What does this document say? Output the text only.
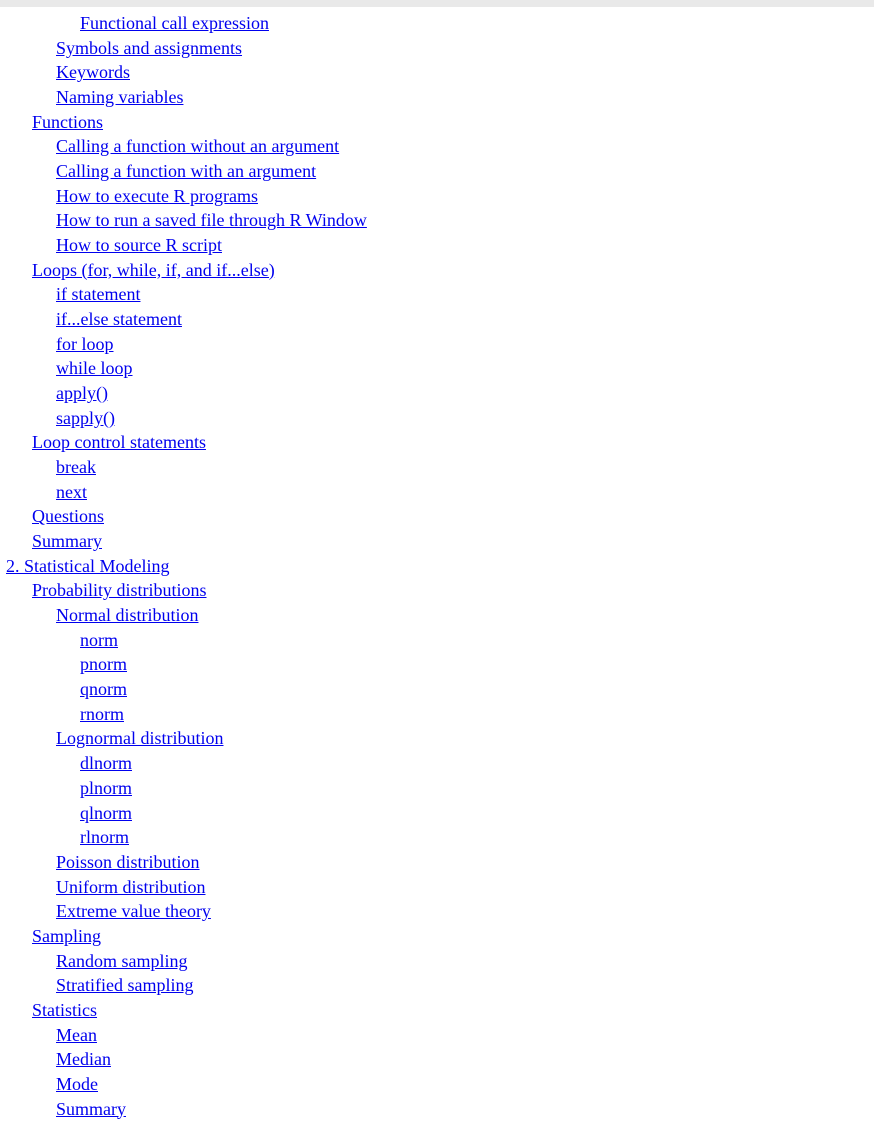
Functional call expression
Symbols and assignments
Keywords
Naming variables
Functions
Calling a function without an argument
Calling a function with an argument
How to execute R programs
How to run a saved file through R Window
How to source R script
Loops (for, while, if, and if...else)
if statement
if...else statement
for loop
while loop
apply()
sapply()
Loop control statements
break
next
Questions
Summary
2. Statistical Modeling
Probability distributions
Normal distribution
norm
pnorm
qnorm
rnorm
Lognormal distribution
dlnorm
plnorm
qlnorm
rlnorm
Poisson distribution
Uniform distribution
Extreme value theory
Sampling
Random sampling
Stratified sampling
Statistics
Mean
Median
Mode
Summary
